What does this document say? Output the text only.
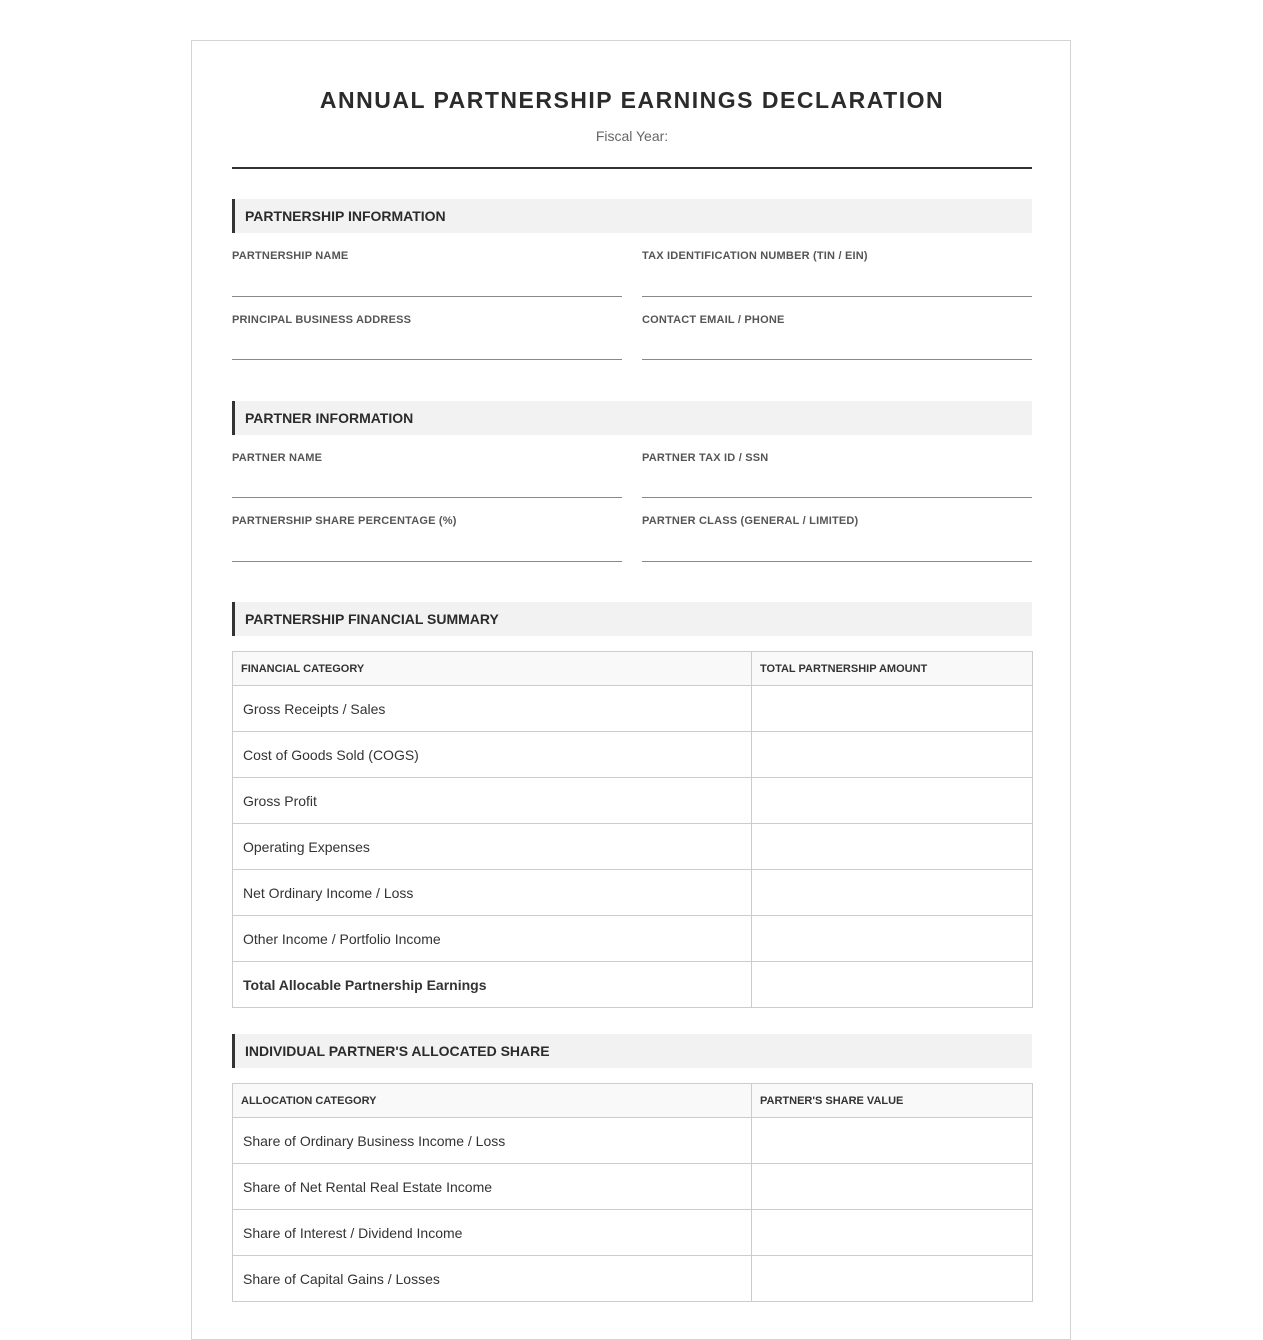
ANNUAL PARTNERSHIP EARNINGS DECLARATION
Fiscal Year:
PARTNERSHIP INFORMATION
PARTNERSHIP NAME	TAX IDENTIFICATION NUMBER (TIN / EIN)
PRINCIPAL BUSINESS ADDRESS	CONTACT EMAIL / PHONE
PARTNER INFORMATION
PARTNER NAME	PARTNER TAX ID / SSN
PARTNERSHIP SHARE PERCENTAGE (%)	PARTNER CLASS (GENERAL / LIMITED)
PARTNERSHIP FINANCIAL SUMMARY
FINANCIAL CATEGORY	TOTAL PARTNERSHIP AMOUNT
Gross Receipts / Sales	
Cost of Goods Sold (COGS)	
Gross Profit	
Operating Expenses	
Net Ordinary Income / Loss	
Other Income / Portfolio Income	
Total Allocable Partnership Earnings	
INDIVIDUAL PARTNER'S ALLOCATED SHARE
ALLOCATION CATEGORY	PARTNER'S SHARE VALUE
Share of Ordinary Business Income / Loss	
Share of Net Rental Real Estate Income	
Share of Interest / Dividend Income	
Share of Capital Gains / Losses	
